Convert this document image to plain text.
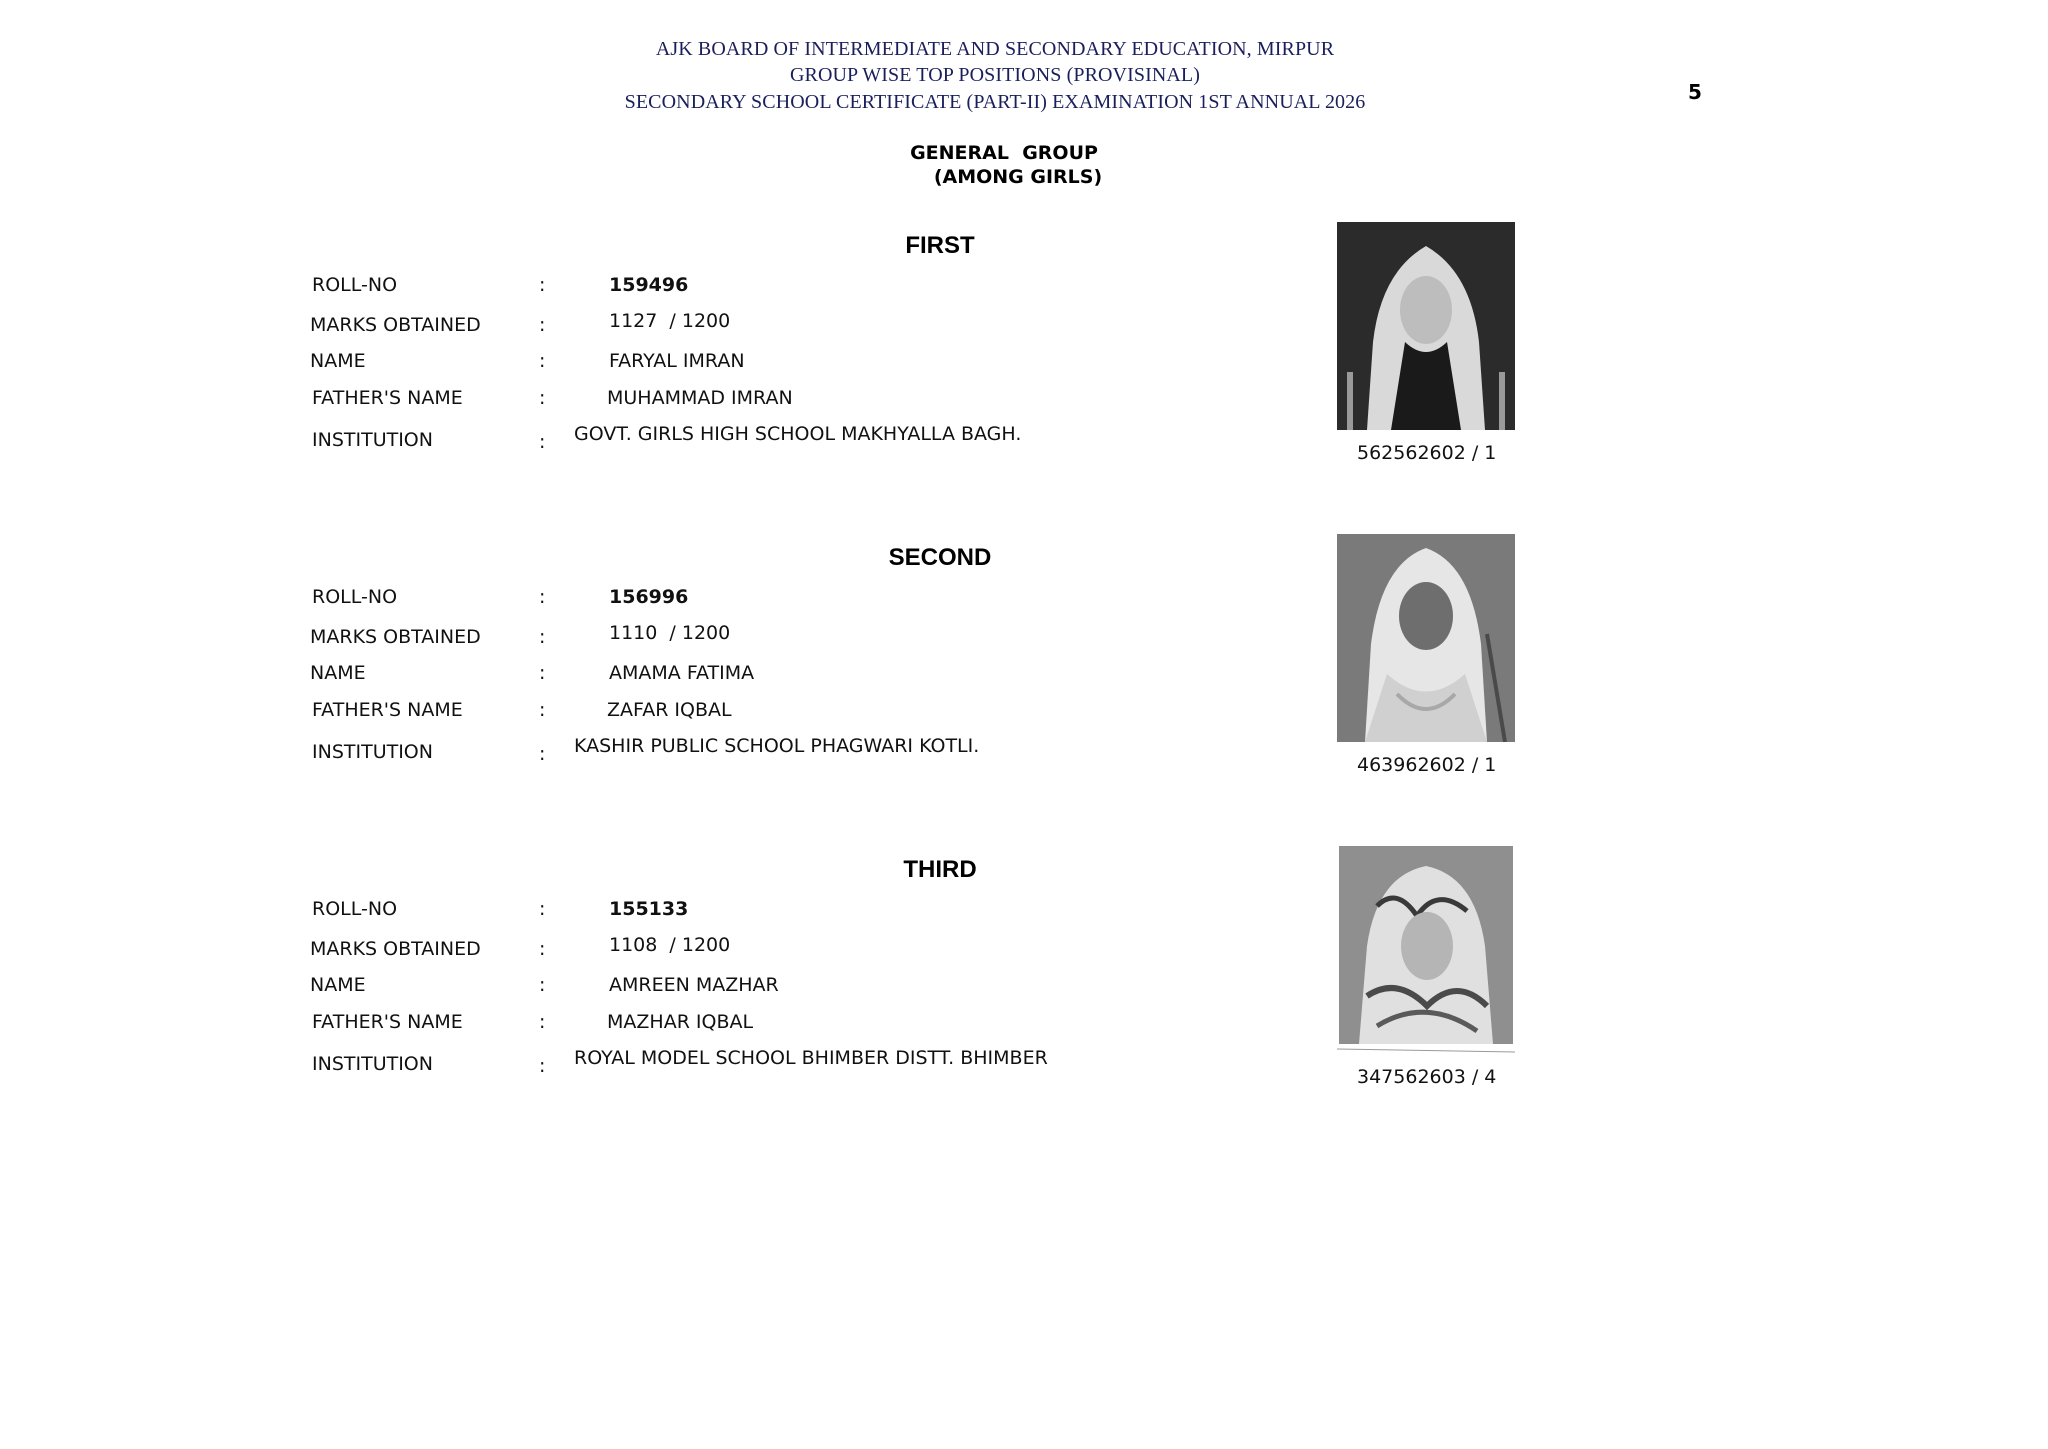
AJK BOARD OF INTERMEDIATE AND SECONDARY EDUCATION, MIRPUR
GROUP WISE TOP POSITIONS (PROVISINAL)
SECONDARY SCHOOL CERTIFICATE (PART-II) EXAMINATION 1ST ANNUAL 2026	5
GENERAL  GROUP
(AMONG GIRLS)
FIRST
ROLL-NO	:	159496
MARKS OBTAINED	:	1127  / 1200
NAME	:	FARYAL IMRAN
FATHER'S NAME	:	MUHAMMAD IMRAN
INSTITUTION	: GOVT. GIRLS HIGH SCHOOL MAKHYALLA BAGH.
562562602 / 1
SECOND
ROLL-NO	:	156996
MARKS OBTAINED	:	1110  / 1200
NAME	:	AMAMA FATIMA
FATHER'S NAME	:	ZAFAR IQBAL
INSTITUTION	: KASHIR PUBLIC SCHOOL PHAGWARI KOTLI.
463962602 / 1
THIRD
ROLL-NO	:	155133
MARKS OBTAINED	:	1108  / 1200
NAME	:	AMREEN MAZHAR
FATHER'S NAME	:	MAZHAR IQBAL
INSTITUTION	: ROYAL MODEL SCHOOL BHIMBER DISTT. BHIMBER
347562603 / 4
